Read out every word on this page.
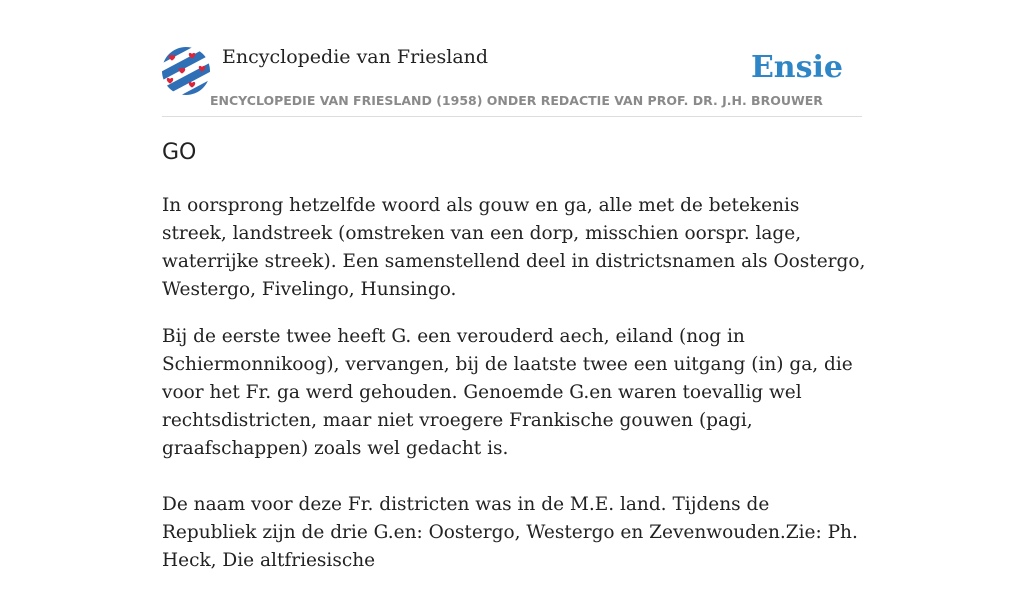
Encyclopedie van Friesland	Ensie
ENCYCLOPEDIE VAN FRIESLAND (1958) ONDER REDACTIE VAN PROF. DR. J.H. BROUWER
GO

In oorsprong hetzelfde woord als gouw en ga, alle met de betekenis streek, landstreek (omstreken van een dorp, misschien oorspr. lage, waterrijke streek). Een samenstellend deel in districtsnamen als Oostergo, Westergo, Fivelingo, Hunsingo.

Bij de eerste twee heeft G. een verouderd aech, eiland (nog in Schiermonnikoog), vervangen, bij de laatste twee een uitgang (in) ga, die voor het Fr. ga werd gehouden. Genoemde G.en waren toevallig wel rechtsdistricten, maar niet vroegere Frankische gouwen (pagi, graafschappen) zoals wel gedacht is.

De naam voor deze Fr. districten was in de M.E. land. Tijdens de Republiek zijn de drie G.en: Oostergo, Westergo en Zevenwouden.Zie: Ph. Heck, Die altfriesische
